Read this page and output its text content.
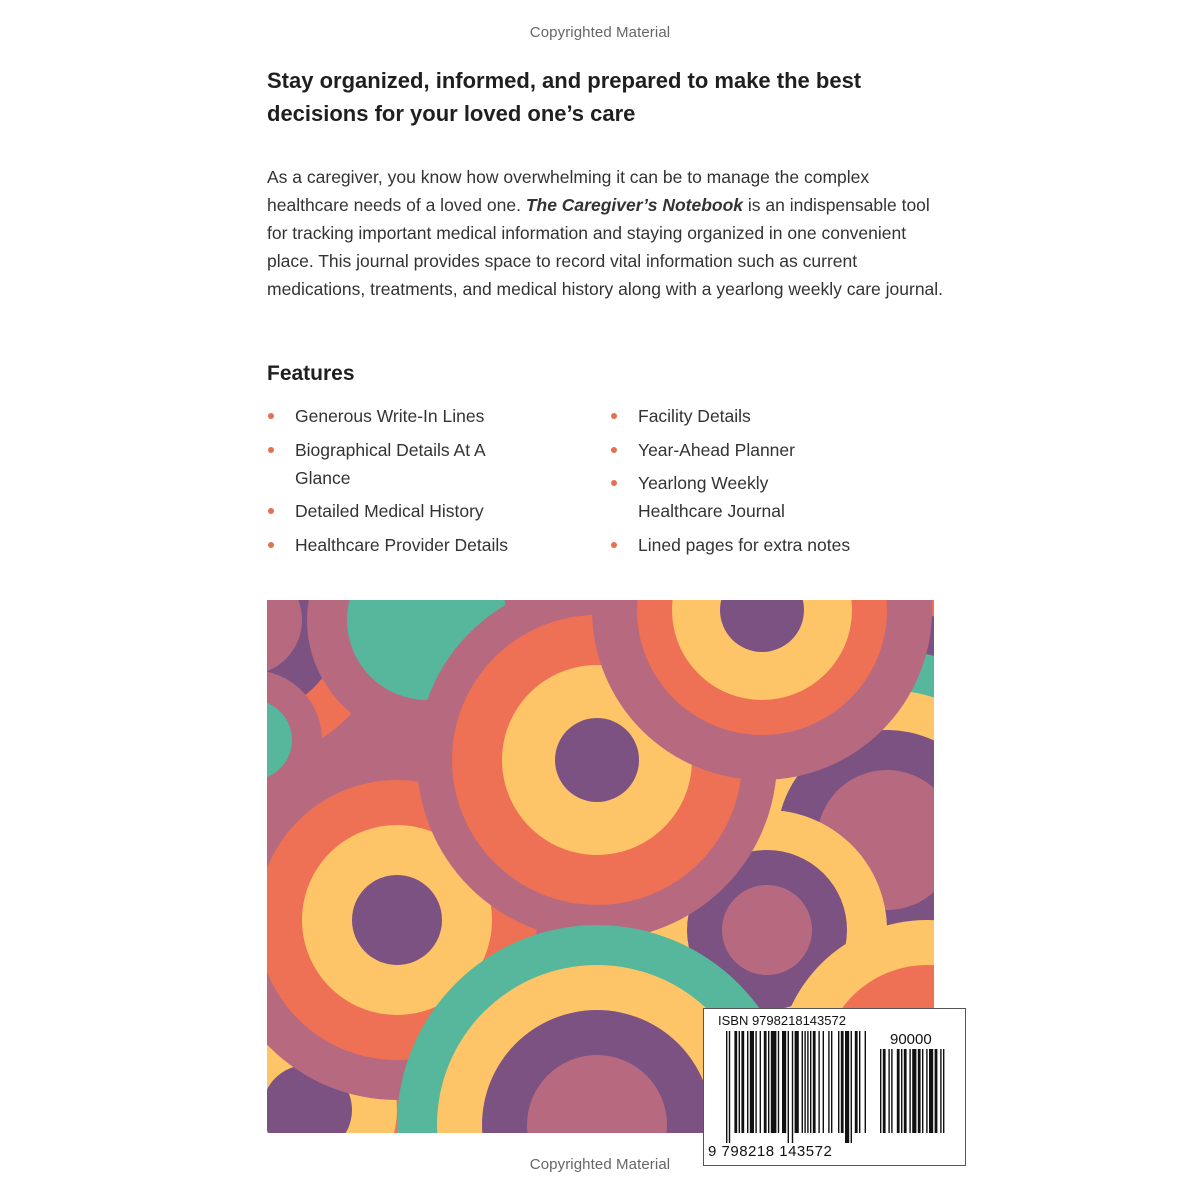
Copyrighted Material
Stay organized, informed, and prepared to make the best decisions for your loved one’s care
As a caregiver, you know how overwhelming it can be to manage the complex healthcare needs of a loved one. The Caregiver’s Notebook is an indispensable tool for tracking important medical information and staying organized in one convenient place. This journal provides space to record vital information such as current medications, treatments, and medical history along with a yearlong weekly care journal.
Features
Generous Write-In Lines
Biographical Details At A Glance
Detailed Medical History
Healthcare Provider Details
Facility Details
Year-Ahead Planner
Yearlong Weekly Healthcare Journal
Lined pages for extra notes
ISBN 9798218143572
90000
9 798218 143572
Copyrighted Material
